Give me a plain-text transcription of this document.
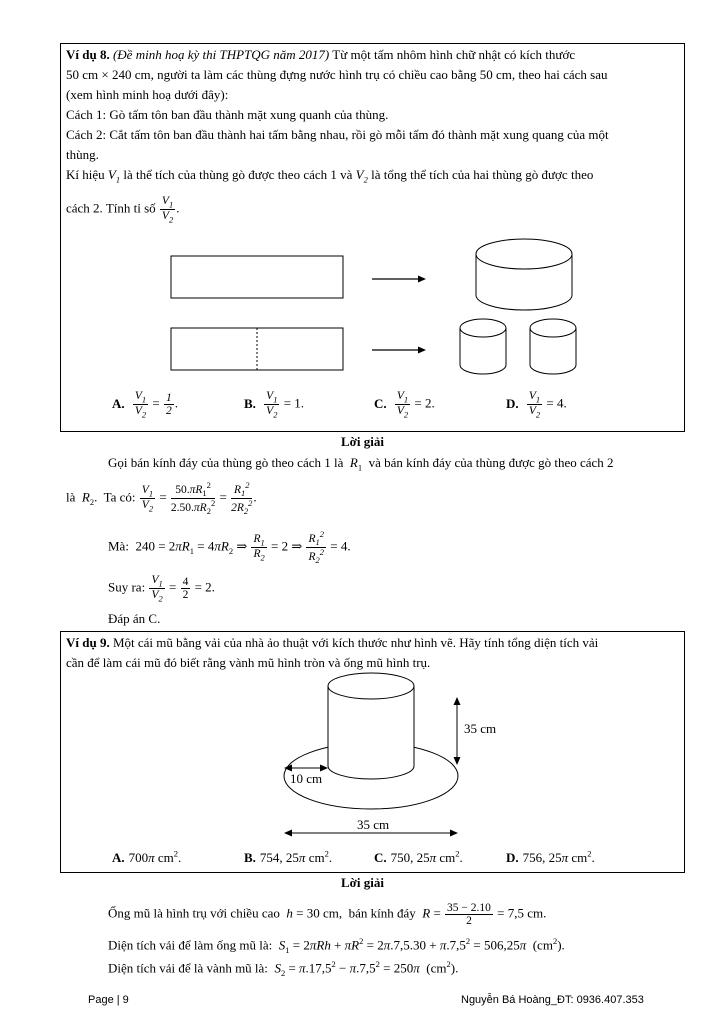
Ví dụ 8. (Đề minh hoạ kỳ thi THPTQG năm 2017) Từ một tấm nhôm hình chữ nhật có kích thước
50 cm × 240 cm, người ta làm các thùng đựng nước hình trụ có chiều cao bằng 50 cm, theo hai cách sau
(xem hình minh hoạ dưới đây):
Cách 1: Gò tấm tôn ban đầu thành mặt xung quanh của thùng.
Cách 2: Cắt tấm tôn ban đầu thành hai tấm bằng nhau, rồi gò mỗi tấm đó thành mặt xung quang của một
thùng.
Kí hiệu $V_1$ là thể tích của thùng gò được theo cách 1 và $V_2$ là tổng thể tích của hai thùng gò được theo
cách 2. Tính tỉ số $\frac{V_1}{V_2}$ .
A. $\frac{V_1}{V_2} = \frac{1}{2}$ .	B. $\frac{V_1}{V_2} = 1$.	C. $\frac{V_1}{V_2} = 2$.	D. $\frac{V_1}{V_2} = 4$.
Lời giải
Gọi bán kính đáy của thùng gò theo cách 1 là  $R_1$  và bán kính đáy của thùng được gò theo cách 2
là  $R_2$.  Ta có: $\frac{V_1}{V_2} = \frac{50.\pi R_1^2}{2.50.\pi R_2^2} = \frac{R_1^2}{2R_2^2}$ .
Mà:  $240 = 2\pi R_1 = 4\pi R_2$ ⇒ $\frac{R_1}{R_2} = 2$ ⇒ $\frac{R_1^2}{R_2^2} = 4$.
Suy ra: $\frac{V_1}{V_2} = \frac{4}{2} = 2$.
Đáp án C.
Ví dụ 9. Một cái mũ bằng vải của nhà ảo thuật với kích thước như hình vẽ. Hãy tính tổng diện tích vải
cần để làm cái mũ đó biết rằng vành mũ hình tròn và ống mũ hình trụ.
35 cm
10 cm
35 cm
A. 700π $cm^2$.	B. 754, 25π $cm^2$.	C. 750, 25π $cm^2$.	D. 756, 25π $cm^2$.
Lời giải
Ống mũ là hình trụ với chiều cao  h = 30 cm,  bán kính đáy  $R = \frac{35 - 2.10}{2} = 7,5$ cm.
Diện tích vải để làm ống mũ là:  $S_1 = 2\pi Rh + \pi R^2 = 2\pi.7,5.30 + \pi.7,5^2 = 506,25\pi$  $(cm^2)$.
Diện tích vải để là vành mũ là:  $S_2 = \pi.17,5^2 - \pi.7,5^2 = 250\pi$  $(cm^2)$.
Page | 9	Nguyễn Bá Hoàng_ĐT: 0936.407.353
